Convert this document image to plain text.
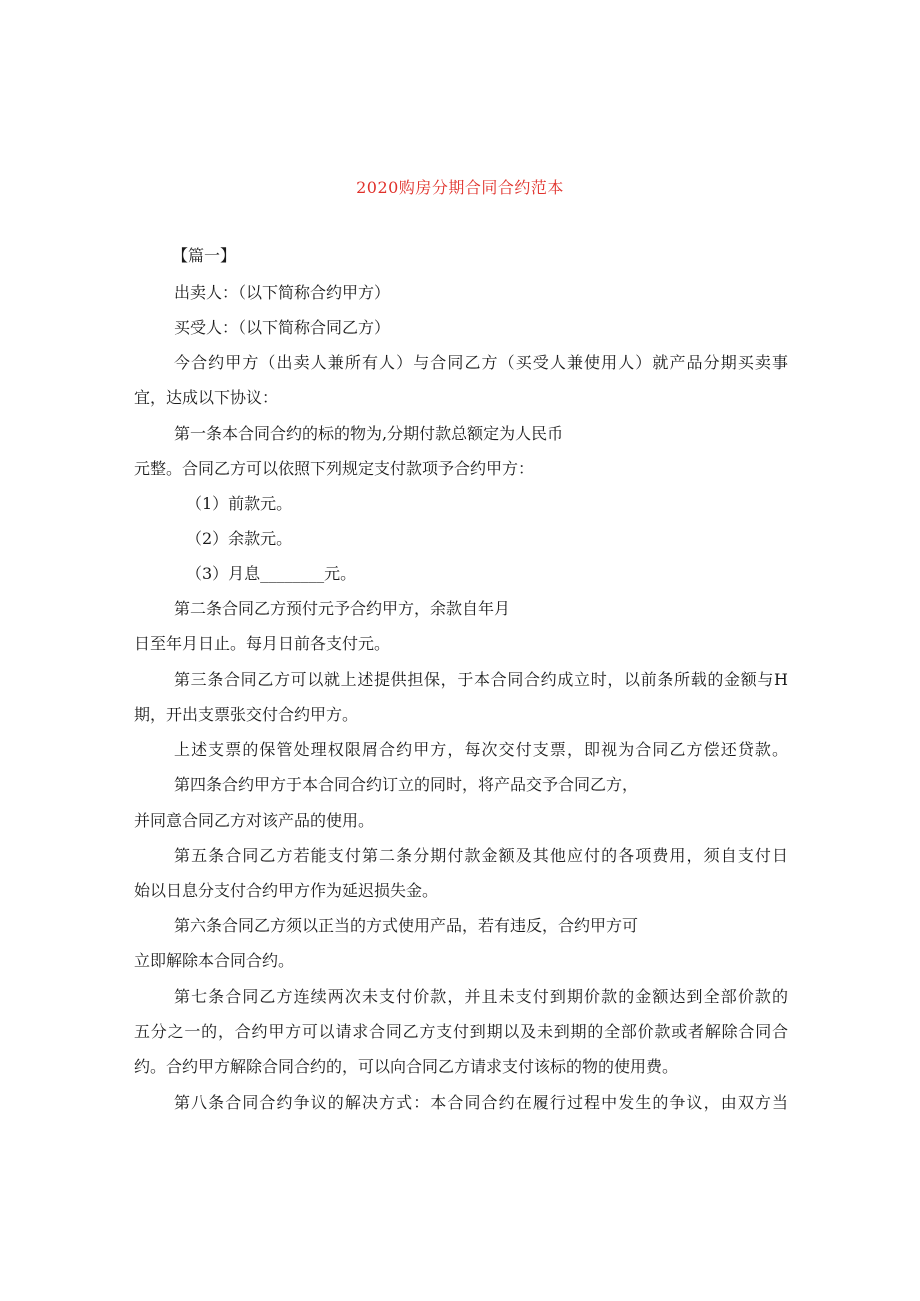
2020购房分期合同合约范本
【篇一】
出卖人：（以下简称合约甲方）
买受人：（以下简称合同乙方）
今合约甲方（出卖人兼所有人）与合同乙方（买受人兼使用人）就产品分期买卖事
宜，达成以下协议：
第一条本合同合约的标的物为,分期付款总额定为人民币
元整。合同乙方可以依照下列规定支付款项予合约甲方：
（1）前款元。
（2）余款元。
（3）月息________元。
第二条合同乙方预付元予合约甲方，余款自年月
日至年月日止。每月日前各支付元。
第三条合同乙方可以就上述提供担保，于本合同合约成立时，以前条所载的金额与H
期，开出支票张交付合约甲方。
上述支票的保管处理权限屑合约甲方，每次交付支票，即视为合同乙方偿还贷款。
第四条合约甲方于本合同合约订立的同时，将产品交予合同乙方，
并同意合同乙方对该产品的使用。
第五条合同乙方若能支付第二条分期付款金额及其他应付的各项费用，须自支付日
始以日息分支付合约甲方作为延迟损失金。
第六条合同乙方须以正当的方式使用产品，若有违反，合约甲方可
立即解除本合同合约。
第七条合同乙方连续两次未支付价款，并且未支付到期价款的金额达到全部价款的
五分之一的，合约甲方可以请求合同乙方支付到期以及未到期的全部价款或者解除合同合
约。合约甲方解除合同合约的，可以向合同乙方请求支付该标的物的使用费。
第八条合同合约争议的解决方式：本合同合约在履行过程中发生的争议，由双方当
